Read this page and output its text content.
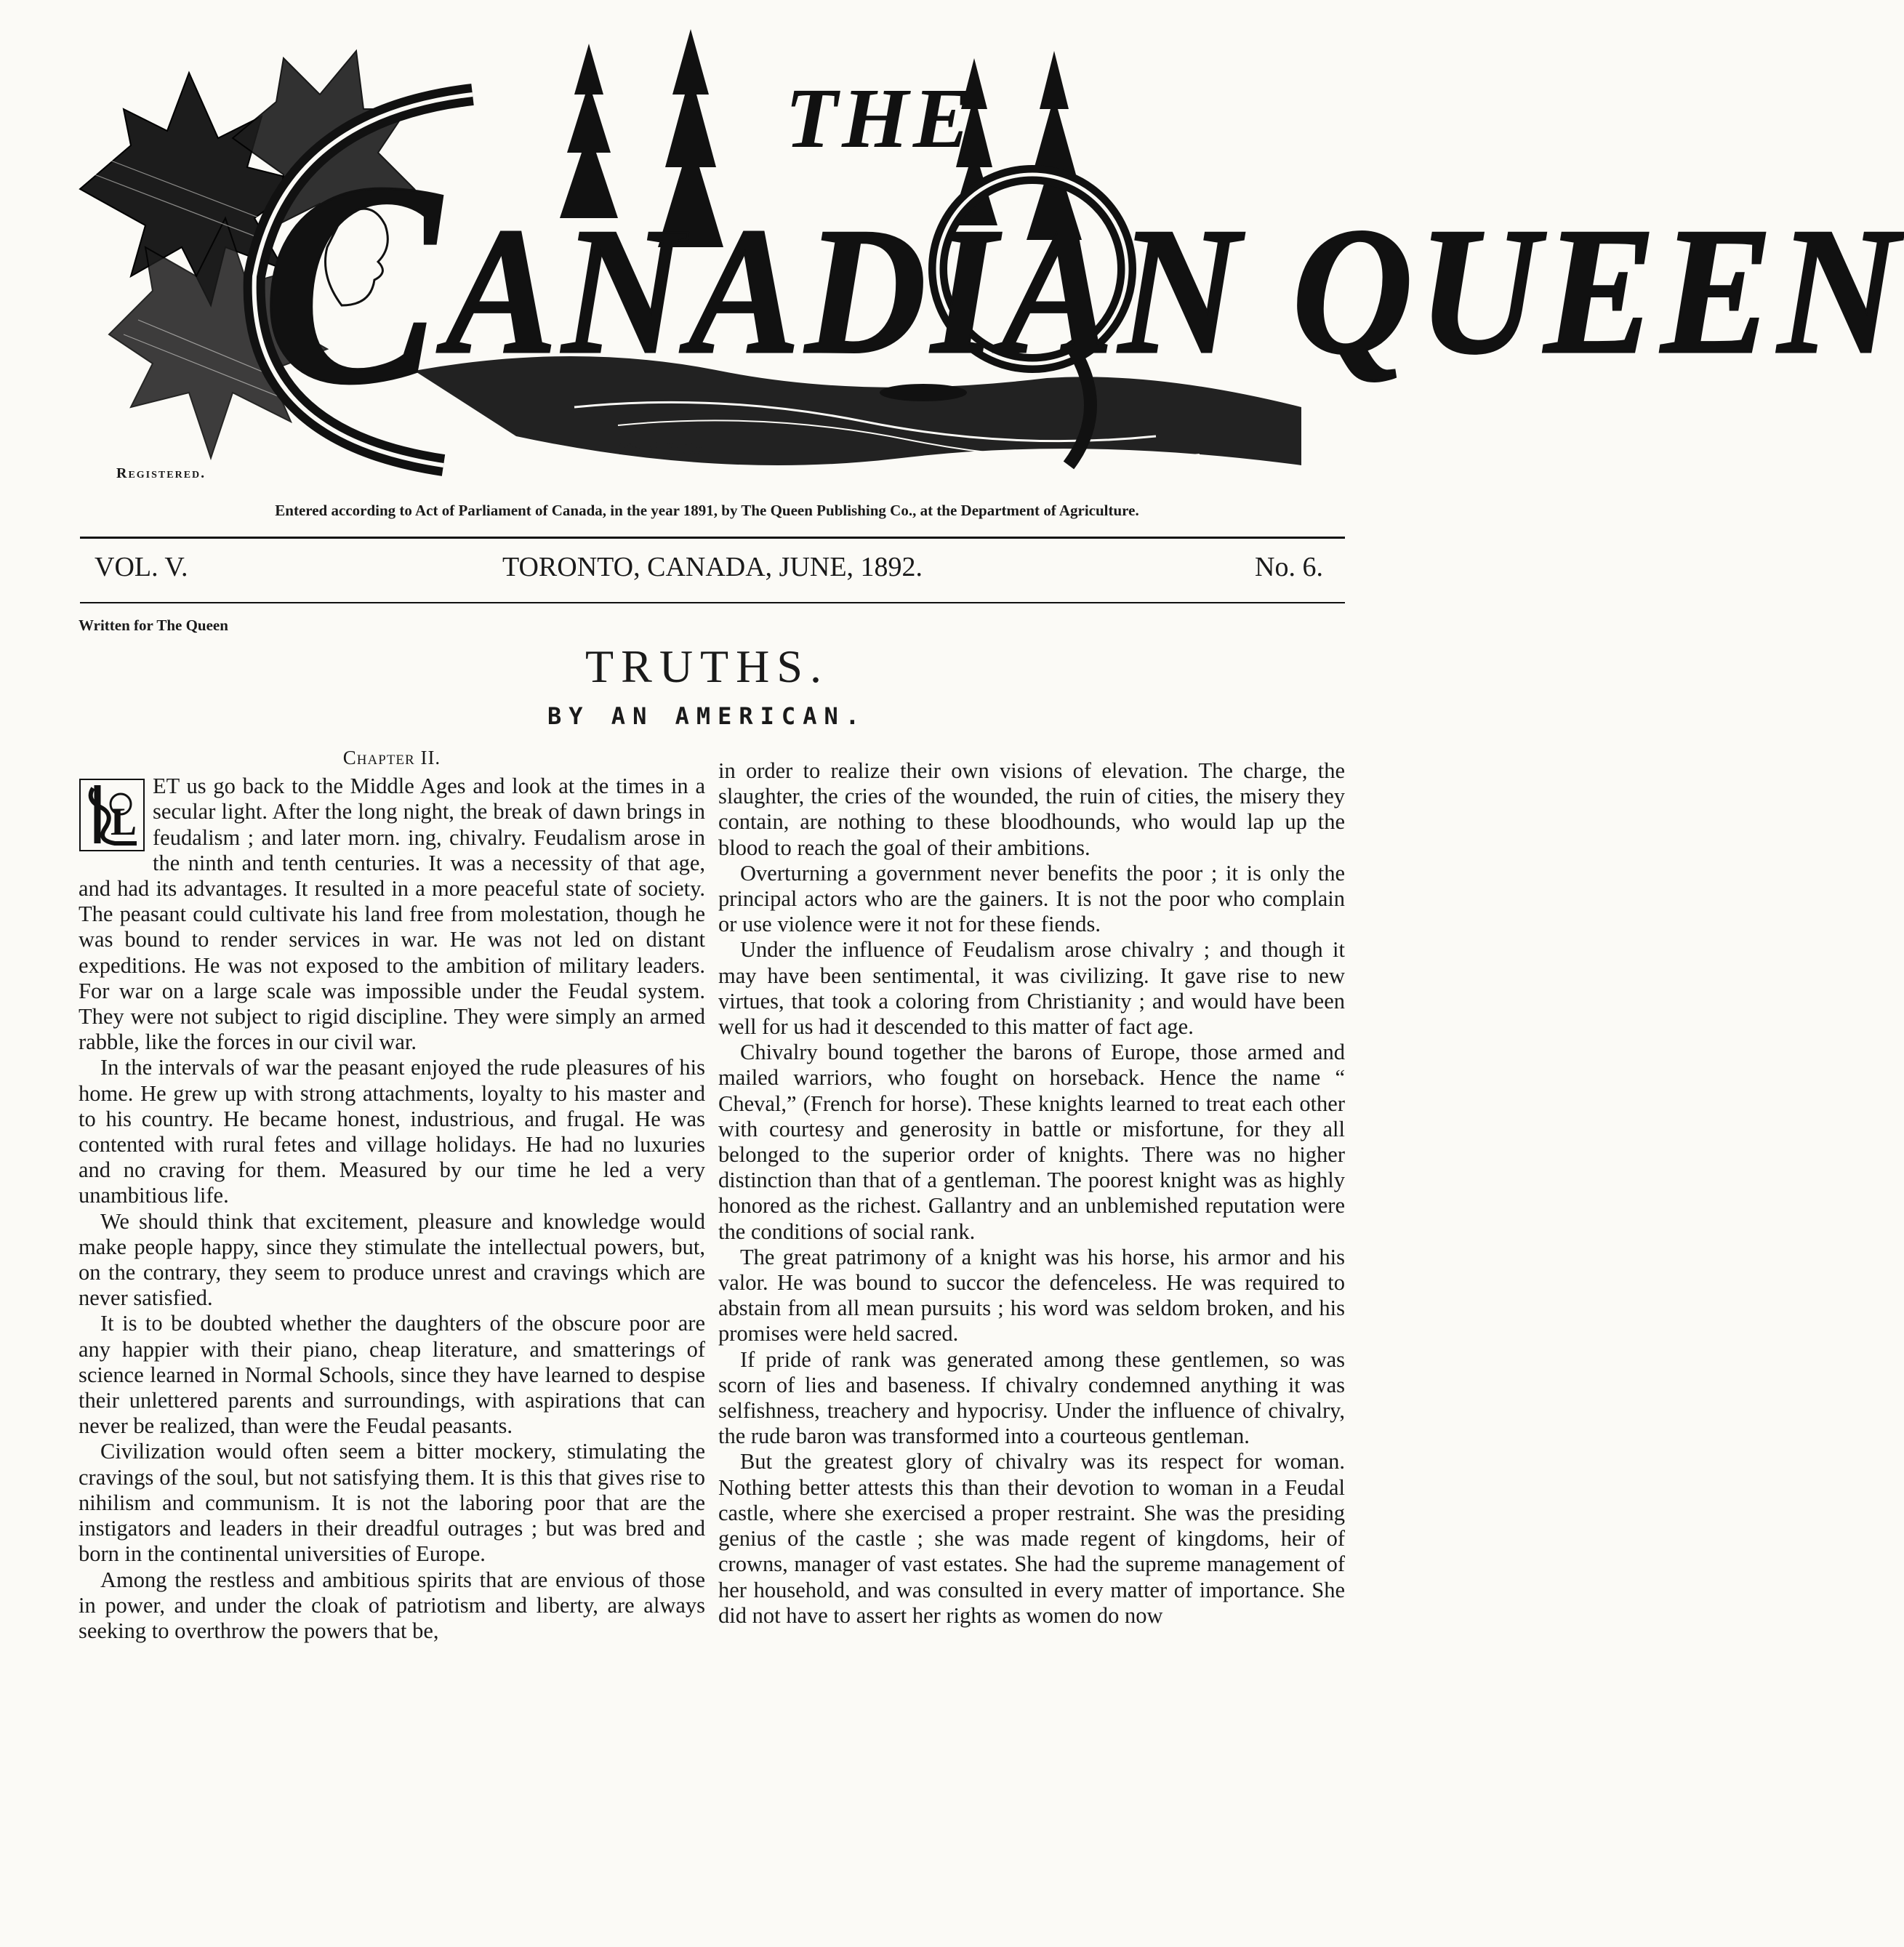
THE
CANADIAN QUEEN
Tinsel & Co
Registered.
Entered according to Act of Parliament of Canada, in the year 1891, by The Queen Publishing Co., at the Department of Agriculture.
VOL. V.	TORONTO, CANADA, JUNE, 1892.	No. 6.
Written for The Queen
TRUTHS.
BY AN AMERICAN.
Chapter II.
L

ET us go back to the Middle Ages and look at the times in a secular light. After the long night, the break of dawn brings in feudalism ; and later morn. ing, chivalry. Feudalism arose in the ninth and tenth centuries. It was a necessity of that age, and had its advantages. It resulted in a more peaceful state of society. The peasant could cultivate his land free from molestation, though he was bound to render services in war. He was not led on distant expeditions. He was not exposed to the ambition of military leaders. For war on a large scale was impossible under the Feudal system. They were not subject to rigid discipline. They were simply an armed rabble, like the forces in our civil war.

In the intervals of war the peasant enjoyed the rude pleasures of his home. He grew up with strong attachments, loyalty to his master and to his country. He became honest, industrious, and frugal. He was contented with rural fetes and village holidays. He had no luxuries and no craving for them. Measured by our time he led a very unambitious life.

We should think that excitement, pleasure and knowledge would make people happy, since they stimulate the intellectual powers, but, on the contrary, they seem to produce unrest and cravings which are never satisfied.

It is to be doubted whether the daughters of the obscure poor are any happier with their piano, cheap literature, and smatterings of science learned in Normal Schools, since they have learned to despise their unlettered parents and surroundings, with aspirations that can never be realized, than were the Feudal peasants.

Civilization would often seem a bitter mockery, stimulating the cravings of the soul, but not satisfying them. It is this that gives rise to nihilism and communism. It is not the laboring poor that are the instigators and leaders in their dreadful outrages ; but was bred and born in the continental universities of Europe.

Among the restless and ambitious spirits that are envious of those in power, and under the cloak of patriotism and liberty, are always seeking to overthrow the powers that be,

in order to realize their own visions of elevation. The charge, the slaughter, the cries of the wounded, the ruin of cities, the misery they contain, are nothing to these bloodhounds, who would lap up the blood to reach the goal of their ambitions.

Overturning a government never benefits the poor ; it is only the principal actors who are the gainers. It is not the poor who complain or use violence were it not for these fiends.

Under the influence of Feudalism arose chivalry ; and though it may have been sentimental, it was civilizing. It gave rise to new virtues, that took a coloring from Christianity ; and would have been well for us had it descended to this matter of fact age.

Chivalry bound together the barons of Europe, those armed and mailed warriors, who fought on horseback. Hence the name “ Cheval,” (French for horse). These knights learned to treat each other with courtesy and generosity in battle or misfortune, for they all belonged to the superior order of knights. There was no higher distinction than that of a gentleman. The poorest knight was as highly honored as the richest. Gallantry and an unblemished reputation were the conditions of social rank.

The great patrimony of a knight was his horse, his armor and his valor. He was bound to succor the defenceless. He was required to abstain from all mean pursuits ; his word was seldom broken, and his promises were held sacred.

If pride of rank was generated among these gentlemen, so was scorn of lies and baseness. If chivalry condemned anything it was selfishness, treachery and hypocrisy. Under the influence of chivalry, the rude baron was transformed into a courteous gentleman.

But the greatest glory of chivalry was its respect for woman. Nothing better attests this than their devotion to woman in a Feudal castle, where she exercised a proper restraint. She was the presiding genius of the castle ; she was made regent of kingdoms, heir of crowns, manager of vast estates. She had the supreme management of her household, and was consulted in every matter of importance. She did not have to assert her rights as women do now
